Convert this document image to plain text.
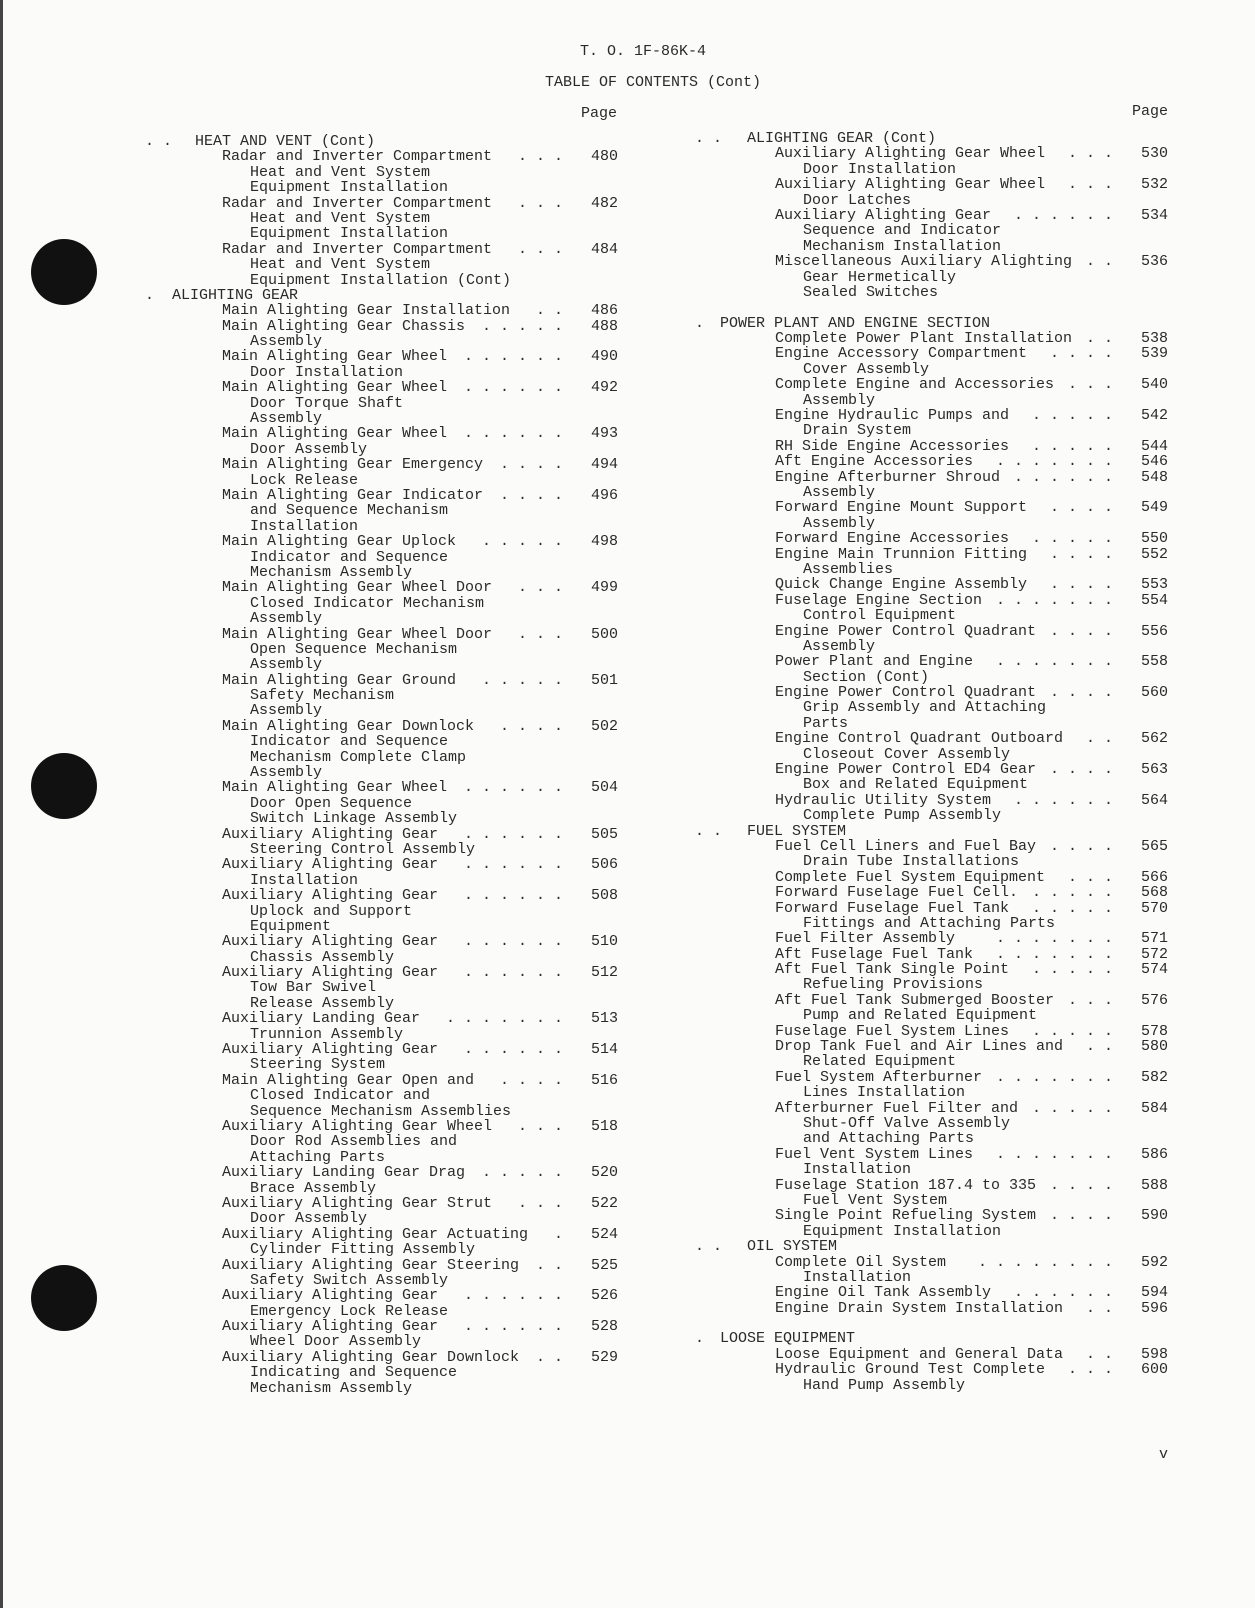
T. O. 1F-86K-4
TABLE OF CONTENTS (Cont)
Page	Page
v
. . HEAT AND VENT (Cont)
Radar and Inverter Compartment . . . 480
Heat and Vent System
Equipment Installation
Radar and Inverter Compartment . . . 482
Heat and Vent System
Equipment Installation
Radar and Inverter Compartment . . . 484
Heat and Vent System
Equipment Installation (Cont)
. ALIGHTING GEAR
Main Alighting Gear Installation . . 486
Main Alighting Gear Chassis . . . . . 488
Assembly
Main Alighting Gear Wheel . . . . . . 490
Door Installation
Main Alighting Gear Wheel . . . . . . 492
Door Torque Shaft
Assembly
Main Alighting Gear Wheel . . . . . . 493
Door Assembly
Main Alighting Gear Emergency . . . . 494
Lock Release
Main Alighting Gear Indicator . . . . 496
and Sequence Mechanism
Installation
Main Alighting Gear Uplock . . . . . 498
Indicator and Sequence
Mechanism Assembly
Main Alighting Gear Wheel Door . . . 499
Closed Indicator Mechanism
Assembly
Main Alighting Gear Wheel Door . . . 500
Open Sequence Mechanism
Assembly
Main Alighting Gear Ground . . . . . 501
Safety Mechanism
Assembly
Main Alighting Gear Downlock . . . . 502
Indicator and Sequence
Mechanism Complete Clamp
Assembly
Main Alighting Gear Wheel . . . . . . 504
Door Open Sequence
Switch Linkage Assembly
Auxiliary Alighting Gear . . . . . . 505
Steering Control Assembly
Auxiliary Alighting Gear . . . . . . 506
Installation
Auxiliary Alighting Gear . . . . . . 508
Uplock and Support
Equipment
Auxiliary Alighting Gear . . . . . . 510
Chassis Assembly
Auxiliary Alighting Gear . . . . . . 512
Tow Bar Swivel
Release Assembly
Auxiliary Landing Gear . . . . . . . 513
Trunnion Assembly
Auxiliary Alighting Gear . . . . . . 514
Steering System
Main Alighting Gear Open and . . . . 516
Closed Indicator and
Sequence Mechanism Assemblies
Auxiliary Alighting Gear Wheel . . . 518
Door Rod Assemblies and
Attaching Parts
Auxiliary Landing Gear Drag . . . . . 520
Brace Assembly
Auxiliary Alighting Gear Strut . . . 522
Door Assembly
Auxiliary Alighting Gear Actuating . 524
Cylinder Fitting Assembly
Auxiliary Alighting Gear Steering . . 525
Safety Switch Assembly
Auxiliary Alighting Gear . . . . . . 526
Emergency Lock Release
Auxiliary Alighting Gear . . . . . . 528
Wheel Door Assembly
Auxiliary Alighting Gear Downlock . . 529
Indicating and Sequence
Mechanism Assembly
. . ALIGHTING GEAR (Cont)
Auxiliary Alighting Gear Wheel . . . 530
Door Installation
Auxiliary Alighting Gear Wheel . . . 532
Door Latches
Auxiliary Alighting Gear . . . . . . 534
Sequence and Indicator
Mechanism Installation
Miscellaneous Auxiliary Alighting . . 536
Gear Hermetically
Sealed Switches
. POWER PLANT AND ENGINE SECTION
Complete Power Plant Installation . . 538
Engine Accessory Compartment . . . . 539
Cover Assembly
Complete Engine and Accessories . . . 540
Assembly
Engine Hydraulic Pumps and . . . . . 542
Drain System
RH Side Engine Accessories . . . . . 544
Aft Engine Accessories . . . . . . . 546
Engine Afterburner Shroud . . . . . . 548
Assembly
Forward Engine Mount Support . . . . 549
Assembly
Forward Engine Accessories . . . . . 550
Engine Main Trunnion Fitting . . . . 552
Assemblies
Quick Change Engine Assembly . . . . 553
Fuselage Engine Section . . . . . . . 554
Control Equipment
Engine Power Control Quadrant . . . . 556
Assembly
Power Plant and Engine . . . . . . . 558
Section (Cont)
Engine Power Control Quadrant . . . . 560
Grip Assembly and Attaching
Parts
Engine Control Quadrant Outboard . . 562
Closeout Cover Assembly
Engine Power Control ED4 Gear . . . . 563
Box and Related Equipment
Hydraulic Utility System . . . . . . 564
Complete Pump Assembly
. . FUEL SYSTEM
Fuel Cell Liners and Fuel Bay . . . . 565
Drain Tube Installations
Complete Fuel System Equipment . . . 566
Forward Fuselage Fuel Cell. . . . . . 568
Forward Fuselage Fuel Tank . . . . . 570
Fittings and Attaching Parts
Fuel Filter Assembly	. . . . . . . 571
Aft Fuselage Fuel Tank . . . . . . . 572
Aft Fuel Tank Single Point . . . . . 574
Refueling Provisions
Aft Fuel Tank Submerged Booster . . . 576
Pump and Related Equipment
Fuselage Fuel System Lines . . . . . 578
Drop Tank Fuel and Air Lines and . . 580
Related Equipment
Fuel System Afterburner . . . . . . . 582
Lines Installation
Afterburner Fuel Filter and . . . . . 584
Shut-Off Valve Assembly
and Attaching Parts
Fuel Vent System Lines . . . . . . . 586
Installation
Fuselage Station 187.4 to 335 . . . . 588
Fuel Vent System
Single Point Refueling System . . . . 590
Equipment Installation
. . OIL SYSTEM
Complete Oil System . . . . . . . . 592
Installation
Engine Oil Tank Assembly . . . . . . 594
Engine Drain System Installation . . 596
. LOOSE EQUIPMENT
Loose Equipment and General Data . . 598
Hydraulic Ground Test Complete . . . 600
Hand Pump Assembly
